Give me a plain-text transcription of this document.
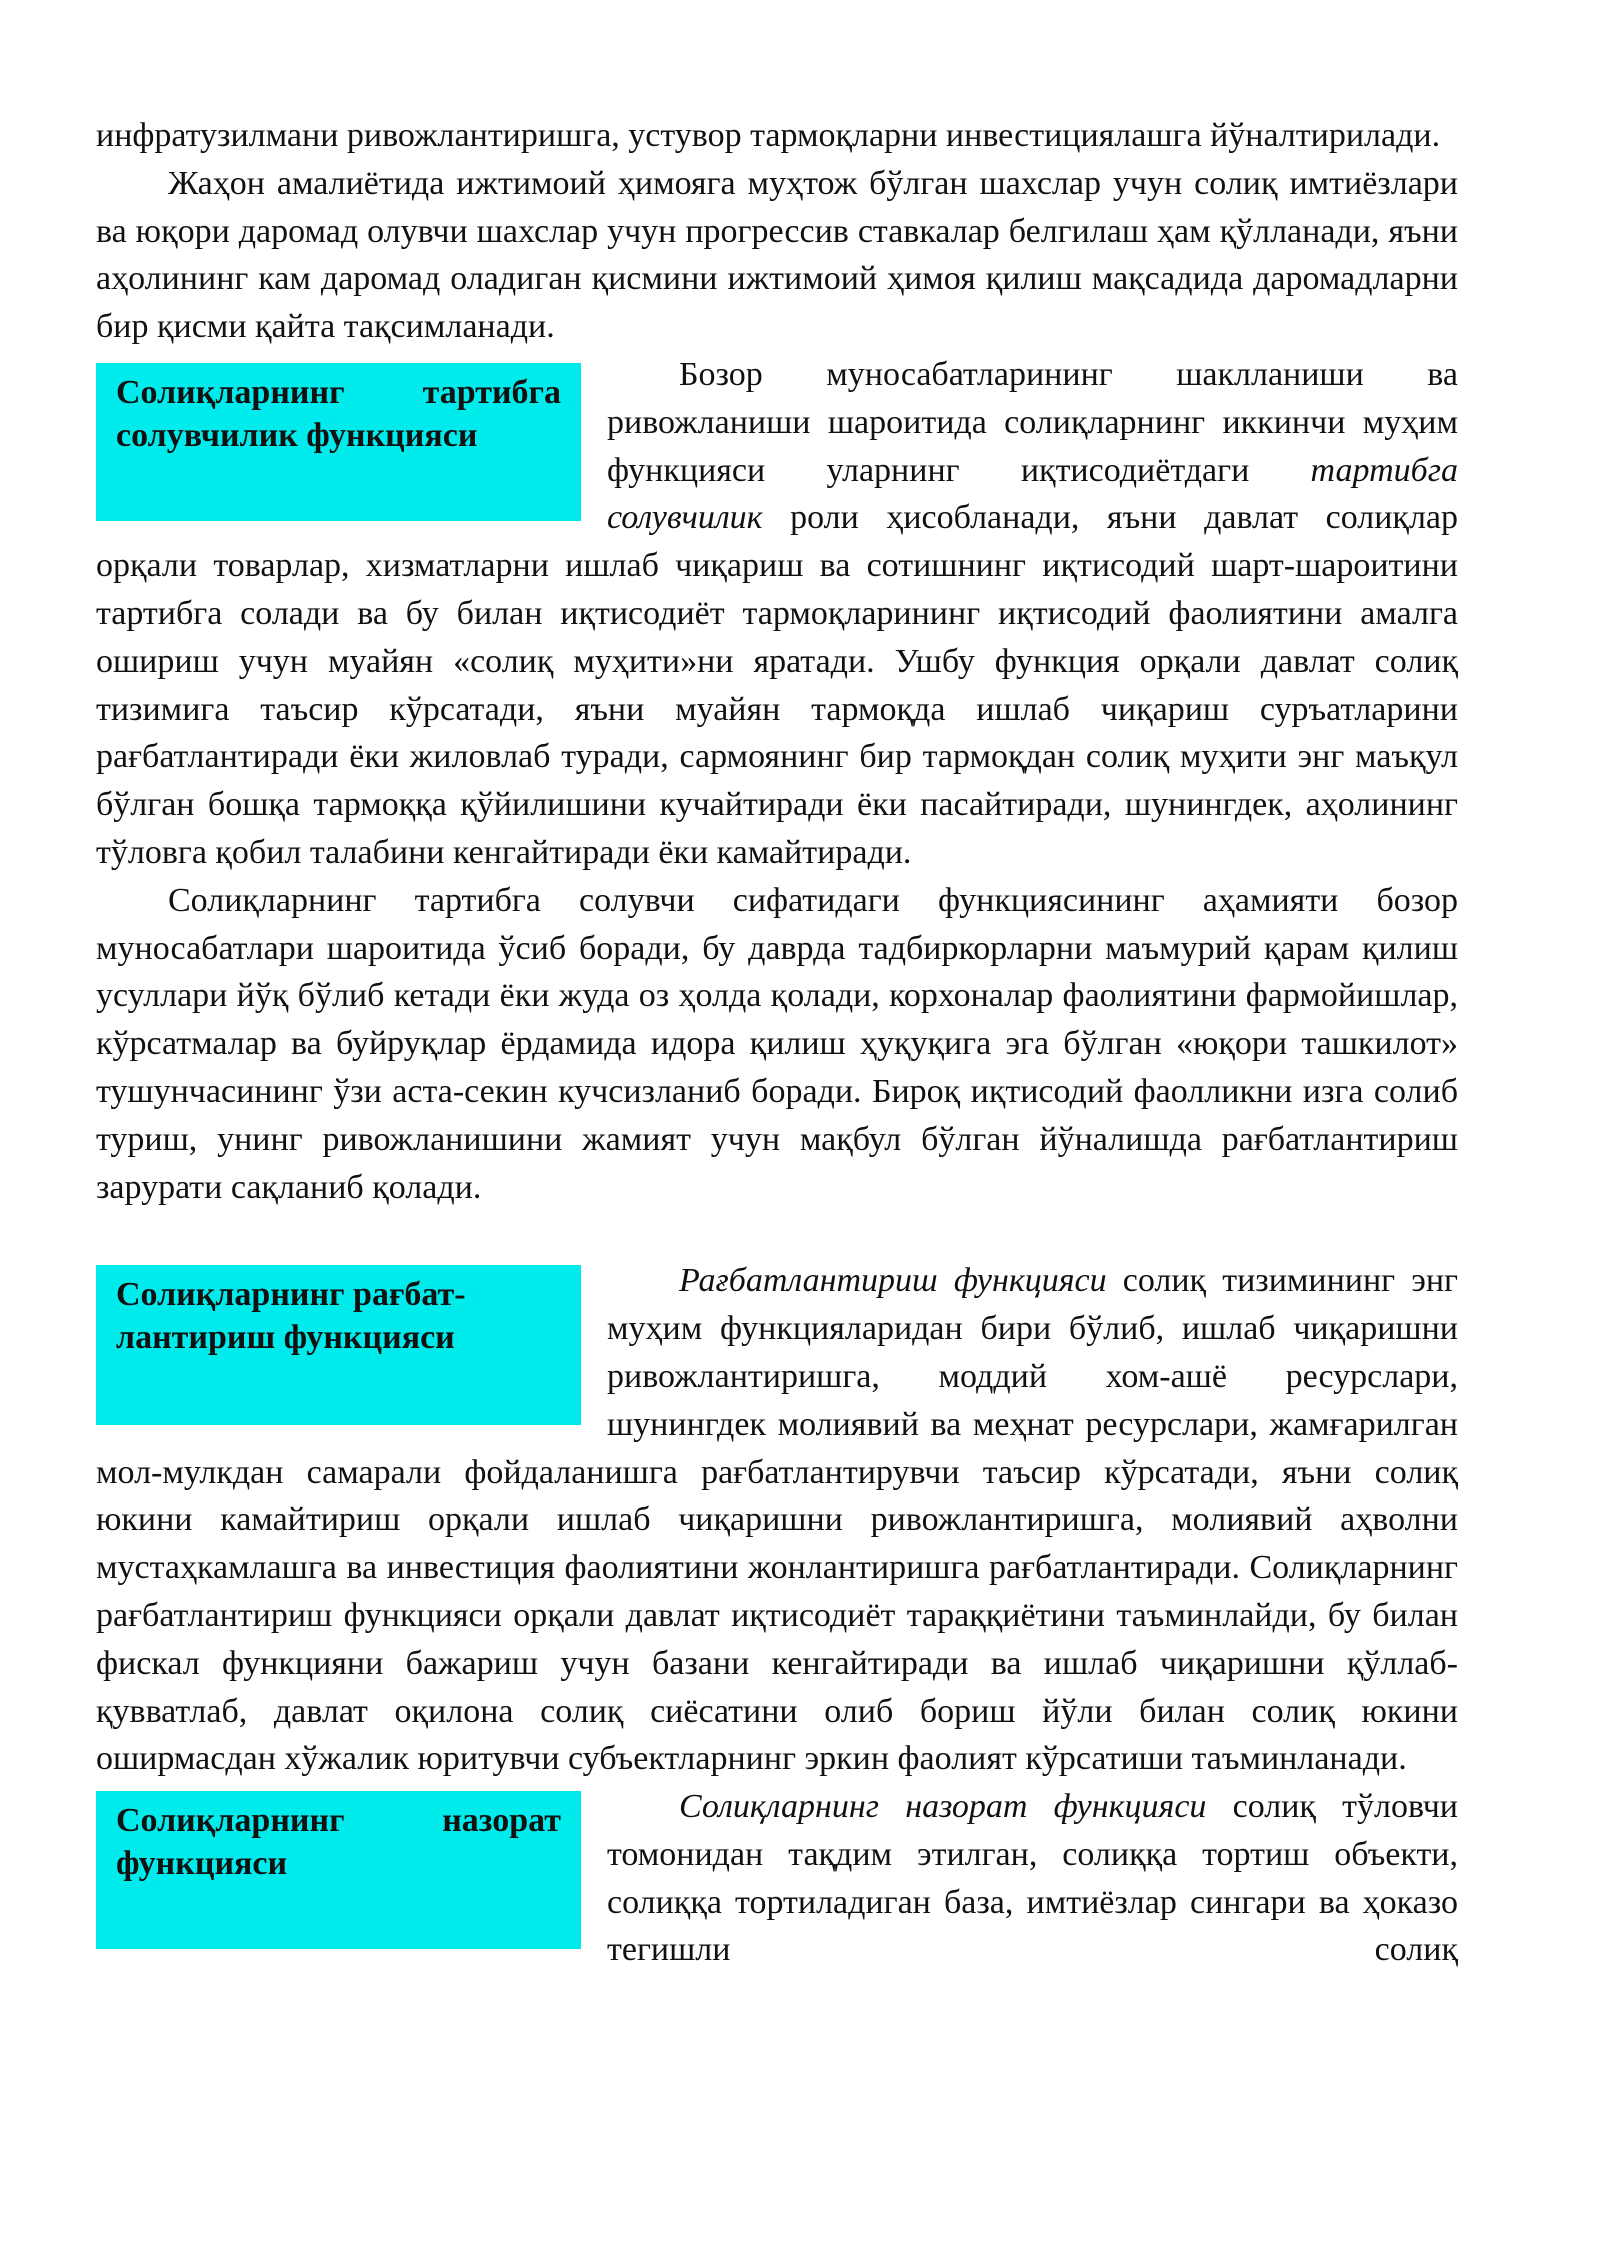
инфратузилмани ривожлантиришга, устувор тармоқларни инвестициялашга йўналтирилади.

Жаҳон амалиётида ижтимоий ҳимояга муҳтож бўлган шахслар учун солиқ имтиёзлари ва юқори даромад олувчи шахслар учун прогрессив ставкалар белгилаш ҳам қўлланади, яъни аҳолининг кам даромад оладиган қисмини ижтимоий ҳимоя қилиш мақсадида даромадларни бир қисми қайта тақсимланади.

Солиқларнинг тартибга
солувчилик функцияси

Бозор муносабатларининг шаклланиши ва ривожланиши шароитида солиқларнинг иккинчи муҳим функцияси уларнинг иқтисодиётдаги тартибга солувчилик роли ҳисобланади, яъни давлат солиқлар орқали товарлар, хизматларни ишлаб чиқариш ва сотишнинг иқтисодий шарт-шароитини тартибга солади ва бу билан иқтисодиёт тармоқларининг иқтисодий фаолиятини амалга ошириш учун муайян «солиқ муҳити»ни яратади. Ушбу функция орқали давлат солиқ тизимига таъсир кўрсатади, яъни муайян тармоқда ишлаб чиқариш суръатларини рағбатлантиради ёки жиловлаб туради, сармоянинг бир тармоқдан солиқ муҳити энг маъқул бўлган бошқа тармоққа қўйилишини кучайтиради ёки пасайтиради, шунингдек, аҳолининг тўловга қобил талабини кенгайтиради ёки камайтиради.

Солиқларнинг тартибга солувчи сифатидаги функциясининг аҳамияти бозор муносабатлари шароитида ўсиб боради, бу даврда тадбиркорларни маъмурий қарам қилиш усуллари йўқ бўлиб кетади ёки жуда оз ҳолда қолади, корхоналар фаолиятини фармойишлар, кўрсатмалар ва буйруқлар ёрдамида идора қилиш ҳуқуқига эга бўлган «юқори ташкилот» тушунчасининг ўзи аста-секин кучсизланиб боради. Бироқ иқтисодий фаолликни изга солиб туриш, унинг ривожланишини жамият учун мақбул бўлган йўналишда рағбатлантириш зарурати сақланиб қолади.

Солиқларнинг рағбат-
лантириш функцияси

Рағбатлантириш функцияси солиқ тизимининг энг муҳим функцияларидан бири бўлиб, ишлаб чиқаришни ривожлантиришга, моддий хом-ашё ресурслари, шунингдек молиявий ва меҳнат ресурслари, жамғарилган мол-мулкдан самарали фойдаланишга рағбатлантирувчи таъсир кўрсатади, яъни солиқ юкини камайтириш орқали ишлаб чиқаришни ривожлантиришга, молиявий аҳволни мустаҳкамлашга ва инвестиция фаолиятини жонлантиришга рағбатлантиради. Солиқларнинг рағбатлантириш функцияси орқали давлат иқтисодиёт тараққиётини таъминлайди, бу билан фискал функцияни бажариш учун базани кенгайтиради ва ишлаб чиқаришни қўллаб-қувватлаб, давлат оқилона солиқ сиёсатини олиб бориш йўли билан солиқ юкини оширмасдан хўжалик юритувчи субъектларнинг эркин фаолият кўрсатиши таъминланади.

Солиқларнинг назорат
функцияси

Солиқларнинг назорат функцияси солиқ тўловчи томонидан тақдим этилган, солиққа тортиш объекти, солиққа тортиладиган база, имтиёзлар сингари ва ҳоказо тегишли солиқ
